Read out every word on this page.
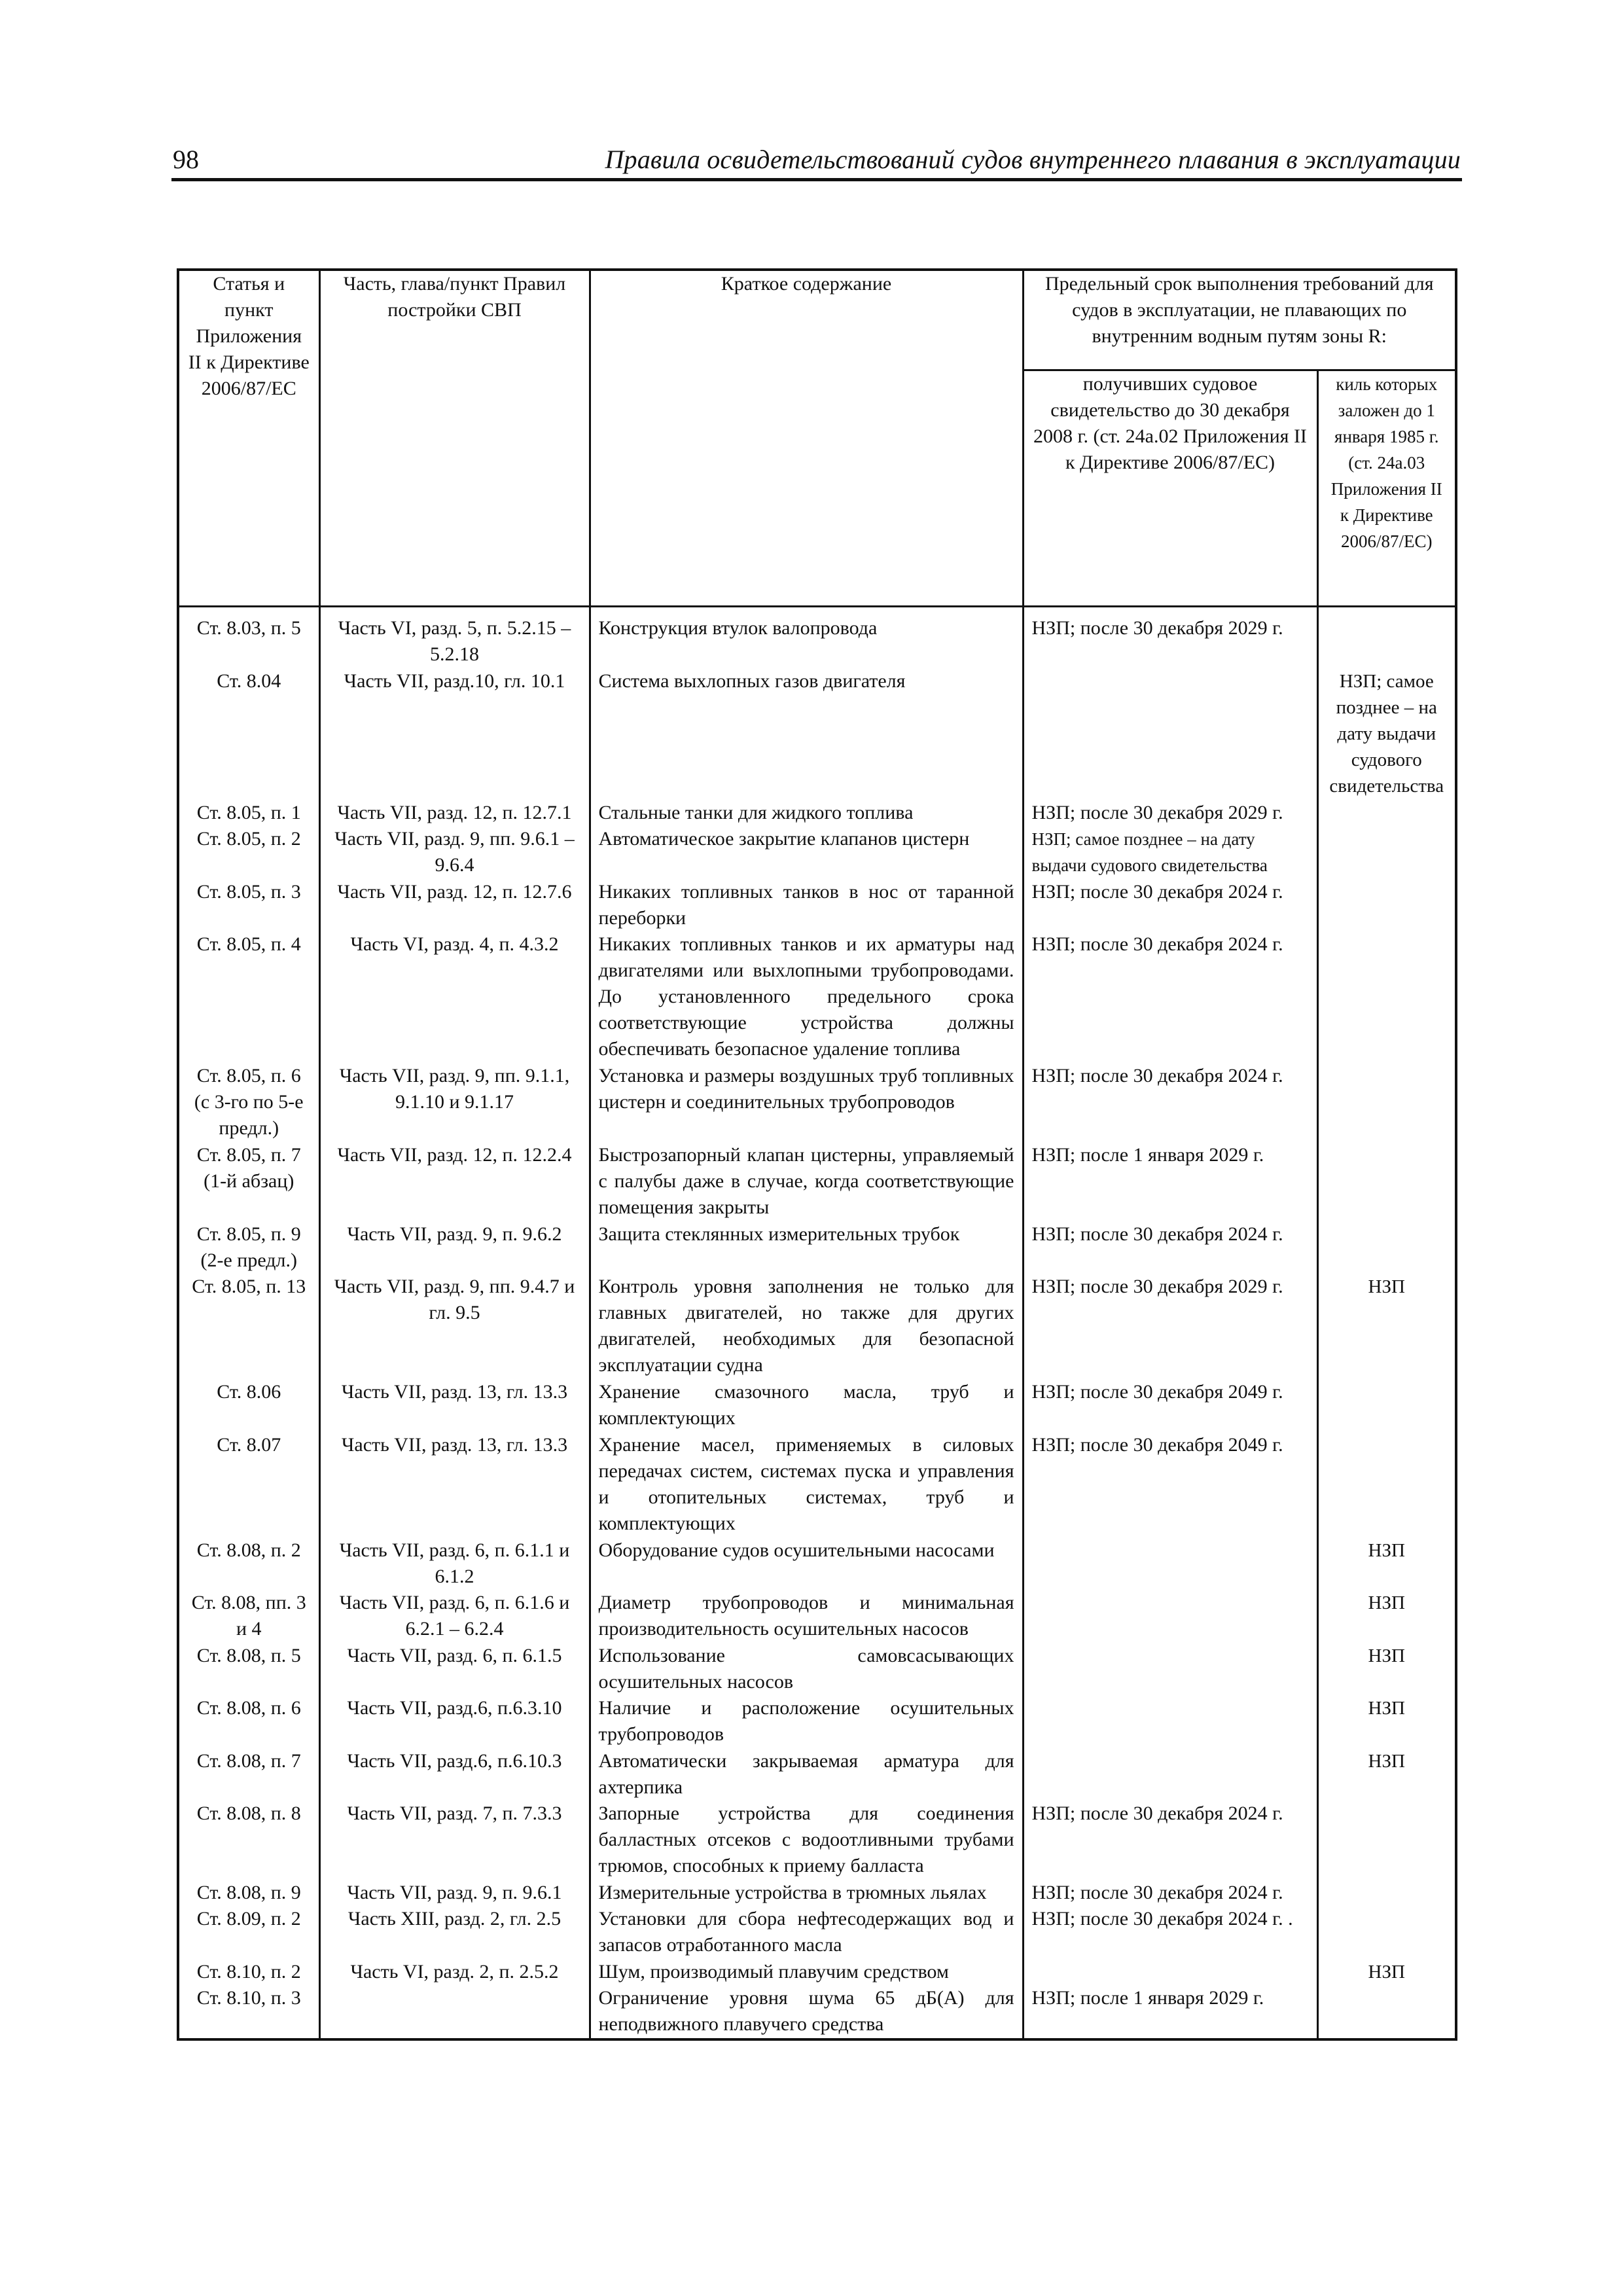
98	Правила освидетельствований судов внутреннего плавания в эксплуатации
Статья и пункт Приложения II к Директиве 2006/87/ЕС	Часть, глава/пункт Правил постройки СВП	Краткое содержание	Предельный срок выполнения требований для судов в эксплуатации, не плавающих по внутренним водным путям зоны R:	
			получивших судовое свидетельство до 30 декабря 2008 г. (ст. 24а.02 Приложения II к Директиве 2006/87/ЕС)	киль которых заложен до 1 января 1985 г. (ст. 24а.03 Приложения II к Директиве 2006/87/ЕС)
Ст. 8.03, п. 5	Часть VI, разд. 5, п. 5.2.15 – 5.2.18	Конструкция втулок валопровода	НЗП; после 30 декабря 2029 г.	
Ст. 8.04	Часть VII, разд.10, гл. 10.1	Система выхлопных газов двигателя		НЗП; самое позднее – на дату выдачи судового свидетельства
Ст. 8.05, п. 1	Часть VII, разд. 12, п. 12.7.1	Стальные танки для жидкого топлива	НЗП; после 30 декабря 2029 г.	
Ст. 8.05, п. 2	Часть VII, разд. 9, пп. 9.6.1 – 9.6.4	Автоматическое закрытие клапанов цистерн	НЗП; самое позднее – на дату выдачи судового свидетельства	
Ст. 8.05, п. 3	Часть VII, разд. 12, п. 12.7.6	Никаких топливных танков в нос от таранной переборки	НЗП; после 30 декабря 2024 г.	
Ст. 8.05, п. 4	Часть VI, разд. 4, п. 4.3.2	Никаких топливных танков и их арматуры над двигателями или выхлопными трубопроводами. До установленного предельного срока соответствующие устройства должны обеспечивать безопасное удаление топлива	НЗП; после 30 декабря 2024 г.	
Ст. 8.05, п. 6 (с 3-го по 5-е предл.)	Часть VII, разд. 9, пп. 9.1.1, 9.1.10 и 9.1.17	Установка и размеры воздушных труб топливных цистерн и соединительных трубопроводов	НЗП; после 30 декабря 2024 г.	
Ст. 8.05, п. 7 (1-й абзац)	Часть VII, разд. 12, п. 12.2.4	Быстрозапорный клапан цистерны, управляемый с палубы даже в случае, когда соответствующие помещения закрыты	НЗП; после 1 января 2029 г.	
Ст. 8.05, п. 9 (2-е предл.)	Часть VII, разд. 9, п. 9.6.2	Защита стеклянных измерительных трубок	НЗП; после 30 декабря 2024 г.	
Ст. 8.05, п. 13	Часть VII, разд. 9, пп. 9.4.7 и гл. 9.5	Контроль уровня заполнения не только для главных двигателей, но также для других двигателей, необходимых для безопасной эксплуатации судна	НЗП; после 30 декабря 2029 г.	НЗП
Ст. 8.06	Часть VII, разд. 13, гл. 13.3	Хранение смазочного масла, труб и комплектующих	НЗП; после 30 декабря 2049 г.	
Ст. 8.07	Часть VII, разд. 13, гл. 13.3	Хранение масел, применяемых в силовых передачах систем, системах пуска и управления и отопительных системах, труб и комплектующих	НЗП; после 30 декабря 2049 г.	
Ст. 8.08, п. 2	Часть VII, разд. 6, п. 6.1.1 и 6.1.2	Оборудование судов осушительными насосами		НЗП
Ст. 8.08, пп. 3 и 4	Часть VII, разд. 6, п. 6.1.6 и 6.2.1 – 6.2.4	Диаметр трубопроводов и минимальная производительность осушительных насосов		НЗП
Ст. 8.08, п. 5	Часть VII, разд. 6, п. 6.1.5	Использование самовсасывающих осушительных насосов		НЗП
Ст. 8.08, п. 6	Часть VII, разд.6, п.6.3.10	Наличие и расположение осушительных трубопроводов		НЗП
Ст. 8.08, п. 7	Часть VII, разд.6, п.6.10.3	Автоматически закрываемая арматура для ахтерпика		НЗП
Ст. 8.08, п. 8	Часть VII, разд. 7, п. 7.3.3	Запорные устройства для соединения балластных отсеков с водоотливными трубами трюмов, способных к приему балласта	НЗП; после 30 декабря 2024 г.	
Ст. 8.08, п. 9	Часть VII, разд. 9, п. 9.6.1	Измерительные устройства в трюмных льялах	НЗП; после 30 декабря 2024 г.	
Ст. 8.09, п. 2	Часть XIII, разд. 2, гл. 2.5	Установки для сбора нефтесодержащих вод и запасов отработанного масла	НЗП; после 30 декабря 2024 г. .	
Ст. 8.10, п. 2	Часть VI, разд. 2, п. 2.5.2	Шум, производимый плавучим средством		НЗП
Ст. 8.10, п. 3		Ограничение уровня шума 65 дБ(А) для неподвижного плавучего средства	НЗП; после 1 января 2029 г.	
